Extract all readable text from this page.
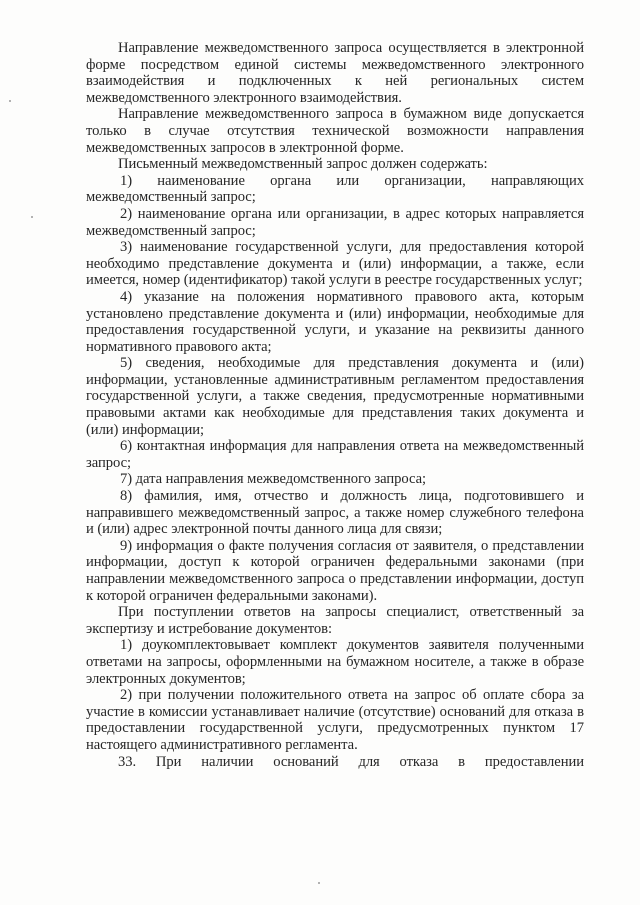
Направление межведомственного запроса осуществляется в электронной форме посредством единой системы межведомственного электронного взаимодействия и подключенных к ней региональных систем межведомственного электронного взаимодействия.

Направление межведомственного запроса в бумажном виде допускается только в случае отсутствия технической возможности направления межведомственных запросов в электронной форме.

Письменный межведомственный запрос должен содержать:

1) наименование органа или организации, направляющих межведомственный запрос;

2) наименование органа или организации, в адрес которых направляется межведомственный запрос;

3) наименование государственной услуги, для предоставления которой необходимо представление документа и (или) информации, а также, если имеется, номер (идентификатор) такой услуги в реестре государственных услуг;

4) указание на положения нормативного правового акта, которым установлено представление документа и (или) информации, необходимые для предоставления государственной услуги, и указание на реквизиты данного нормативного правового акта;

5) сведения, необходимые для представления документа и (или) информации, установленные административным регламентом предоставления государственной услуги, а также сведения, предусмотренные нормативными правовыми актами как необходимые для представления таких документа и (или) информации;

6) контактная информация для направления ответа на межведомственный запрос;

7) дата направления межведомственного запроса;

8) фамилия, имя, отчество и должность лица, подготовившего и направившего межведомственный запрос, а также номер служебного телефона и (или) адрес электронной почты данного лица для связи;

9) информация о факте получения согласия от заявителя, о представлении информации, доступ к которой ограничен федеральными законами (при направлении межведомственного запроса о представлении информации, доступ к которой ограничен федеральными законами).

При поступлении ответов на запросы специалист, ответственный за экспертизу и истребование документов:

1) доукомплектовывает комплект документов заявителя полученными ответами на запросы, оформленными на бумажном носителе, а также в образе электронных документов;

2) при получении положительного ответа на запрос об оплате сбора за участие в комиссии устанавливает наличие (отсутствие) оснований для отказа в предоставлении государственной услуги, предусмотренных пунктом 17 настоящего административного регламента.

33. При наличии оснований для отказа в предоставлении
